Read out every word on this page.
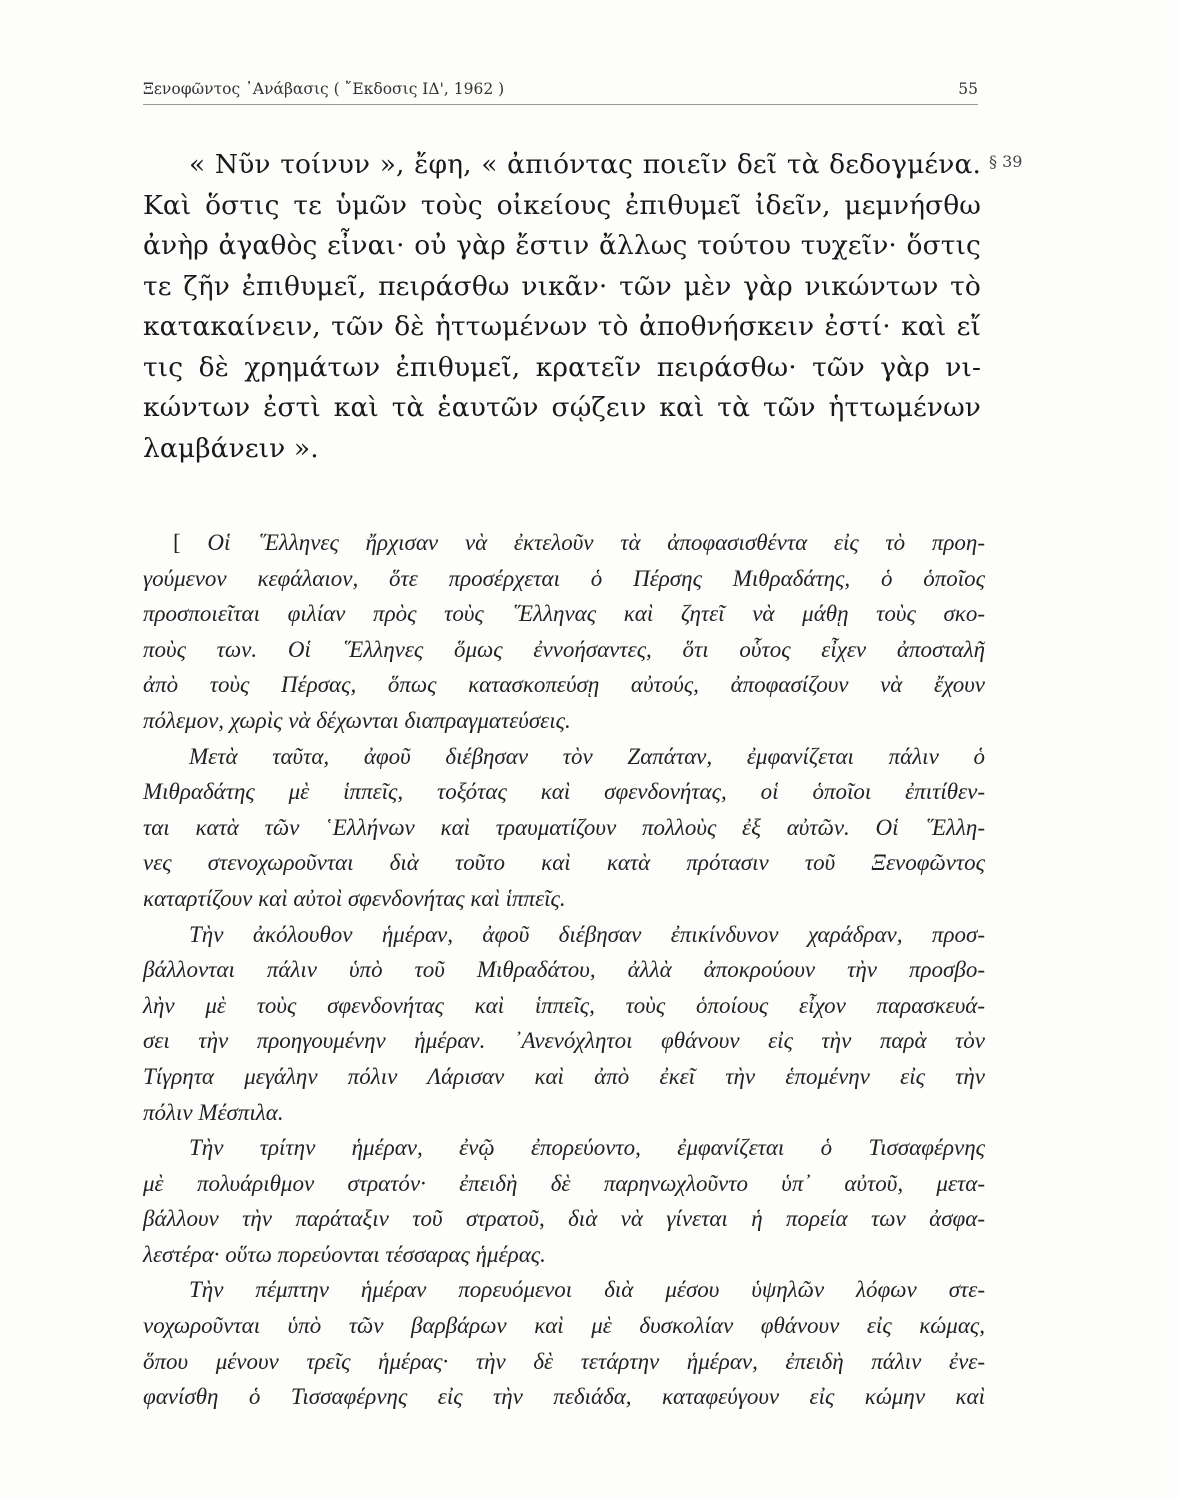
Ξενοφῶντος ᾿Ανάβασις ( ῎Εκδοσις ΙΔ', 1962 )	55
§ 39
« Νῦν τοίνυν », ἔφη, « ἀπιόντας ποιεῖν δεῖ τὰ δεδογμένα.
Καὶ ὅστις τε ὑμῶν τοὺς οἰκείους ἐπιθυμεῖ ἰδεῖν, μεμνήσθω
ἀνὴρ ἀγαθὸς εἶναι· οὐ γὰρ ἔστιν ἄλλως τούτου τυχεῖν· ὅστις
τε ζῆν ἐπιθυμεῖ, πειράσθω νικᾶν· τῶν μὲν γὰρ νικώντων τὸ
κατακαίνειν, τῶν δὲ ἡττωμένων τὸ ἀποθνήσκειν ἐστί· καὶ εἴ
τις δὲ χρημάτων ἐπιθυμεῖ, κρατεῖν πειράσθω· τῶν γὰρ νι-
κώντων ἐστὶ καὶ τὰ ἑαυτῶν σῴζειν καὶ τὰ τῶν ἡττωμένων
λαμβάνειν ».
[ Οἱ ῞Ελληνες ἤρχισαν νὰ ἐκτελοῦν τὰ ἀποφασισθέντα εἰς τὸ προη-
γούμενον κεφάλαιον, ὅτε προσέρχεται ὁ Πέρσης Μιθραδάτης, ὁ ὁποῖος
προσποιεῖται φιλίαν πρὸς τοὺς ῞Ελληνας καὶ ζητεῖ νὰ μάθῃ τοὺς σκο-
ποὺς των. Οἱ ῞Ελληνες ὅμως ἐννοήσαντες, ὅτι οὗτος εἶχεν ἀποσταλῆ
ἀπὸ τοὺς Πέρσας, ὅπως κατασκοπεύσῃ αὐτούς, ἀποφασίζουν νὰ ἔχουν
πόλεμον, χωρὶς νὰ δέχωνται διαπραγματεύσεις.
Μετὰ ταῦτα, ἀφοῦ διέβησαν τὸν Ζαπάταν, ἐμφανίζεται πάλιν ὁ
Μιθραδάτης μὲ ἱππεῖς, τοξότας καὶ σφενδονήτας, οἱ ὁποῖοι ἐπιτίθεν-
ται κατὰ τῶν ῾Ελλήνων καὶ τραυματίζουν πολλοὺς ἐξ αὐτῶν. Οἱ ῞Ελλη-
νες στενοχωροῦνται διὰ τοῦτο καὶ κατὰ πρότασιν τοῦ Ξενοφῶντος
καταρτίζουν καὶ αὐτοὶ σφενδονήτας καὶ ἱππεῖς.
Τὴν ἀκόλουθον ἡμέραν, ἀφοῦ διέβησαν ἐπικίνδυνον χαράδραν, προσ-
βάλλονται πάλιν ὑπὸ τοῦ Μιθραδάτου, ἀλλὰ ἀποκρούουν τὴν προσβο-
λὴν μὲ τοὺς σφενδονήτας καὶ ἱππεῖς, τοὺς ὁποίους εἶχον παρασκευά-
σει τὴν προηγουμένην ἡμέραν. ᾿Ανενόχλητοι φθάνουν εἰς τὴν παρὰ τὸν
Τίγρητα μεγάλην πόλιν Λάρισαν καὶ ἀπὸ ἐκεῖ τὴν ἑπομένην εἰς τὴν
πόλιν Μέσπιλα.
Τὴν τρίτην ἡμέραν, ἐνῷ ἐπορεύοντο, ἐμφανίζεται ὁ Τισσαφέρνης
μὲ πολυάριθμον στρατόν· ἐπειδὴ δὲ παρηνωχλοῦντο ὑπ᾿ αὐτοῦ, μετα-
βάλλουν τὴν παράταξιν τοῦ στρατοῦ, διὰ νὰ γίνεται ἡ πορεία των ἀσφα-
λεστέρα· οὕτω πορεύονται τέσσαρας ἡμέρας.
Τὴν πέμπτην ἡμέραν πορευόμενοι διὰ μέσου ὑψηλῶν λόφων στε-
νοχωροῦνται ὑπὸ τῶν βαρβάρων καὶ μὲ δυσκολίαν φθάνουν εἰς κώμας,
ὅπου μένουν τρεῖς ἡμέρας· τὴν δὲ τετάρτην ἡμέραν, ἐπειδὴ πάλιν ἐνε-
φανίσθη ὁ Τισσαφέρνης εἰς τὴν πεδιάδα, καταφεύγουν εἰς κώμην καὶ
